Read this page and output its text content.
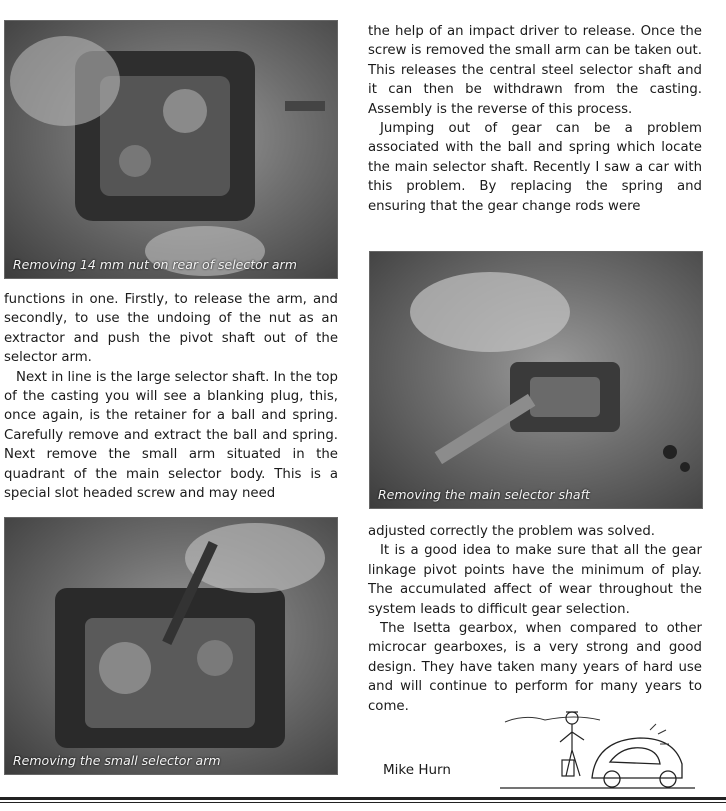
Removing 14 mm nut on rear of selector arm
Removing the main selector shaft
Removing the small selector arm

functions in one. Firstly, to release the arm, and secondly, to use the undoing of the nut as an extractor and push the pivot shaft out of the selector arm.

Next in line is the large selector shaft. In the top of the casting you will see a blanking plug, this, once again, is the retainer for a ball and spring. Carefully remove and extract the ball and spring. Next remove the small arm situated in the quadrant of the main selector body. This is a special slot headed screw and may need

the help of an impact driver to release. Once the screw is removed the small arm can be taken out. This releases the central steel selector shaft and it can then be withdrawn from the casting. Assembly is the reverse of this process.

Jumping out of gear can be a problem associated with the ball and spring which locate the main selector shaft. Recently I saw a car with this problem. By replacing the spring and ensuring that the gear change rods were

adjusted correctly the problem was solved.

It is a good idea to make sure that all the gear linkage pivot points have the minimum of play. The accumulated affect of wear throughout the system leads to difficult gear selection.

The Isetta gearbox, when compared to other microcar gearboxes, is a very strong and good design. They have taken many years of hard use and will continue to perform for many years to come.

Mike Hurn
